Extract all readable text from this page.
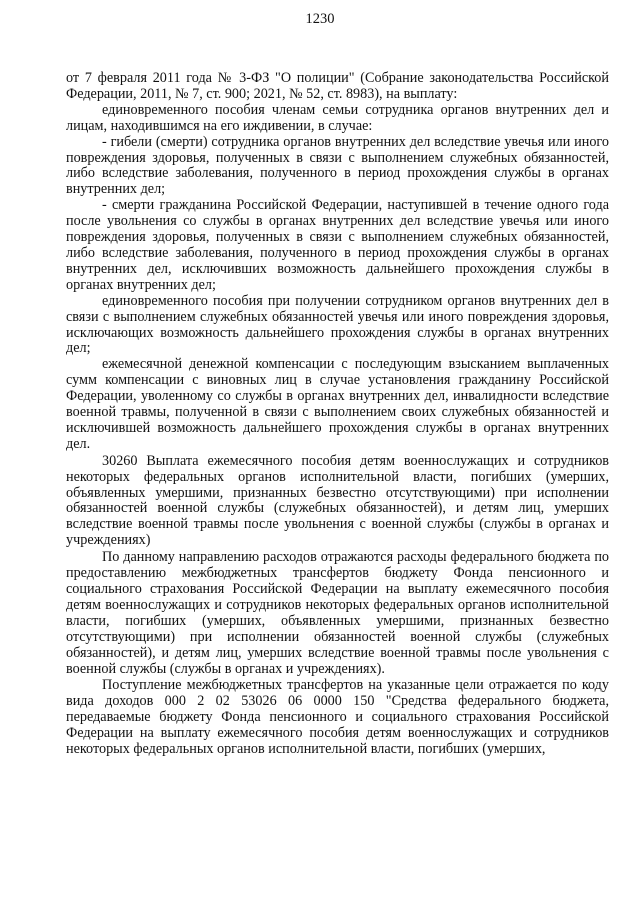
1230

от 7 февраля 2011 года № 3-ФЗ "О полиции" (Собрание законодательства Российской Федерации, 2011, № 7, ст. 900; 2021, № 52, ст. 8983), на выплату:

единовременного пособия членам семьи сотрудника органов внутренних дел и лицам, находившимся на его иждивении, в случае:

- гибели (смерти) сотрудника органов внутренних дел вследствие увечья или иного повреждения здоровья, полученных в связи с выполнением служебных обязанностей, либо вследствие заболевания, полученного в период прохождения службы в органах внутренних дел;

- смерти гражданина Российской Федерации, наступившей в течение одного года после увольнения со службы в органах внутренних дел вследствие увечья или иного повреждения здоровья, полученных в связи с выполнением служебных обязанностей, либо вследствие заболевания, полученного в период прохождения службы в органах внутренних дел, исключивших возможность дальнейшего прохождения службы в органах внутренних дел;

единовременного пособия при получении сотрудником органов внутренних дел в связи с выполнением служебных обязанностей увечья или иного повреждения здоровья, исключающих возможность дальнейшего прохождения службы в органах внутренних дел;

ежемесячной денежной компенсации с последующим взысканием выплаченных сумм компенсации с виновных лиц в случае установления гражданину Российской Федерации, уволенному со службы в органах внутренних дел, инвалидности вследствие военной травмы, полученной в связи с выполнением своих служебных обязанностей и исключившей возможность дальнейшего прохождения службы в органах внутренних дел.

30260 Выплата ежемесячного пособия детям военнослужащих и сотрудников некоторых федеральных органов исполнительной власти, погибших (умерших, объявленных умершими, признанных безвестно отсутствующими) при исполнении обязанностей военной службы (служебных обязанностей), и детям лиц, умерших вследствие военной травмы после увольнения с военной службы (службы в органах и учреждениях)

По данному направлению расходов отражаются расходы федерального бюджета по предоставлению межбюджетных трансфертов бюджету Фонда пенсионного и социального страхования Российской Федерации на выплату ежемесячного пособия детям военнослужащих и сотрудников некоторых федеральных органов исполнительной власти, погибших (умерших, объявленных умершими, признанных безвестно отсутствующими) при исполнении обязанностей военной службы (служебных обязанностей), и детям лиц, умерших вследствие военной травмы после увольнения с военной службы (службы в органах и учреждениях).

Поступление межбюджетных трансфертов на указанные цели отражается по коду вида доходов 000 2 02 53026 06 0000 150 "Средства федерального бюджета, передаваемые бюджету Фонда пенсионного и социального страхования Российской Федерации на выплату ежемесячного пособия детям военнослужащих и сотрудников некоторых федеральных органов исполнительной власти, погибших (умерших,
